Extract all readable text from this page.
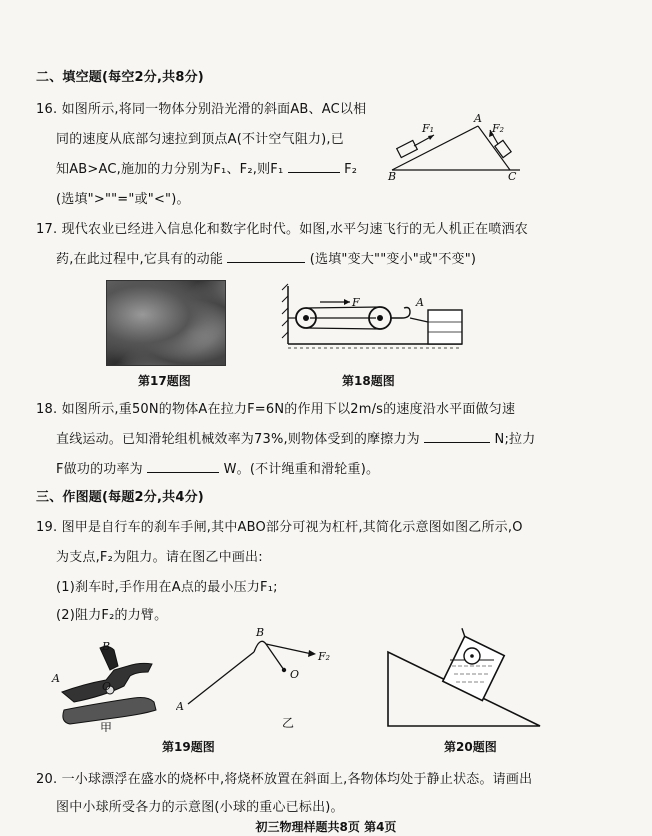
二、填空题(每空2分,共8分)
16. 如图所示,将同一物体分别沿光滑的斜面AB、AC以相
同的速度从底部匀速拉到顶点A(不计空气阻力),已
知AB>AC,施加的力分别为F₁、F₂,则F₁	F₂
(选填">""="或"<")。
F₁
A
F₂
B	C
17. 现代农业已经进入信息化和数字化时代。如图,水平匀速飞行的无人机正在喷洒农
药,在此过程中,它具有的动能	(选填"变大""变小"或"不变")
第17题图
F	A
第18题图
18. 如图所示,重50N的物体A在拉力F=6N的作用下以2m/s的速度沿水平面做匀速
直线运动。已知滑轮组机械效率为73%,则物体受到的摩擦力为	N;拉力
F做功的功率为	W。(不计绳重和滑轮重)。
三、作图题(每题2分,共4分)
19. 图甲是自行车的刹车手闸,其中ABO部分可视为杠杆,其简化示意图如图乙所示,O
为支点,F₂为阻力。请在图乙中画出:
(1)刹车时,手作用在A点的最小压力F₁;
(2)阻力F₂的力臂。
A
B
O
甲
A
B
O
F₂
乙
第19题图	第20题图
20. 一小球漂浮在盛水的烧杯中,将烧杯放置在斜面上,各物体均处于静止状态。请画出
图中小球所受各力的示意图(小球的重心已标出)。
初三物理样题共8页 第4页
